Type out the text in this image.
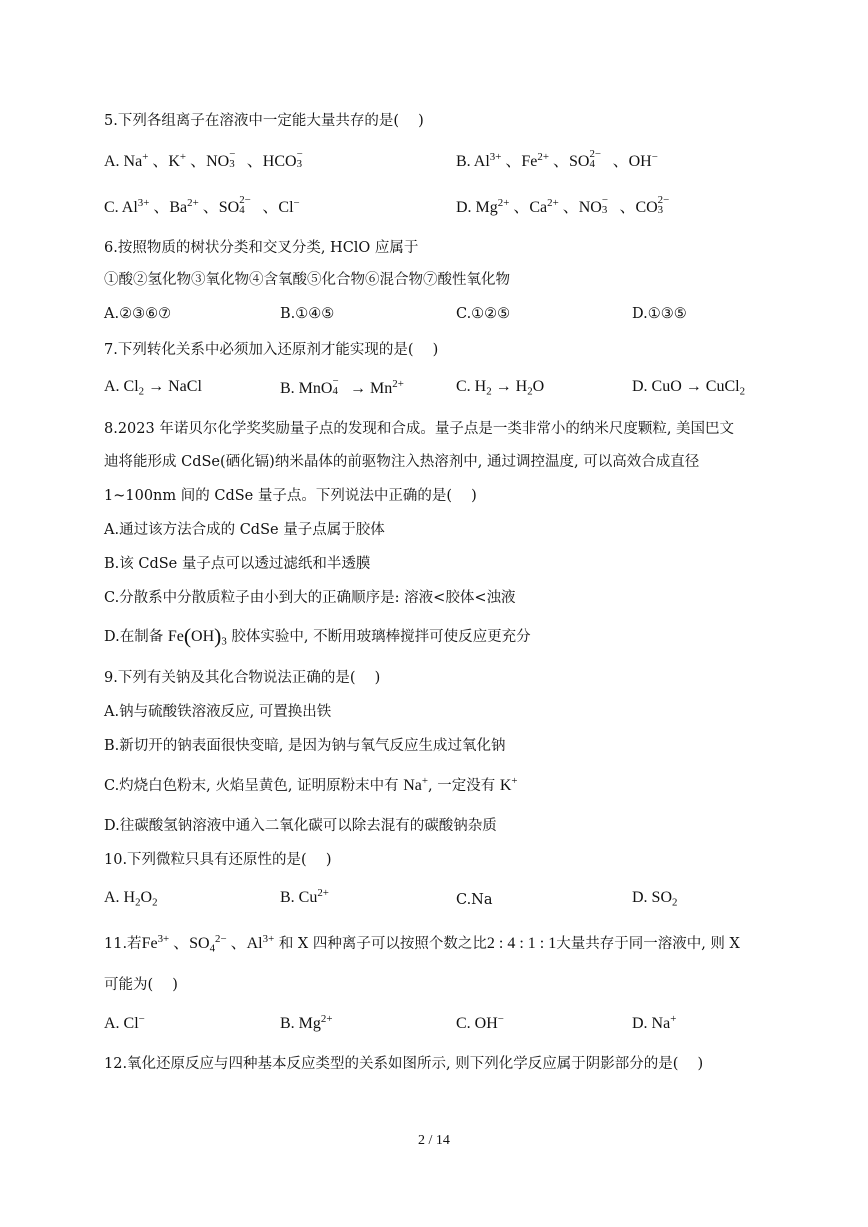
5.下列各组离子在溶液中一定能大量共存的是(　 )
A. Na+ 、K+ 、NO −
3 、HCO −
3	B. $Al^{3+}$ 、$Fe^{2+}$ 、SO 2−
4 、OH−
C. $Al^{3+}$ 、$Ba^{2+}$ 、SO 2−
4 、Cl−	D. $Mg^{2+}$ 、$Ca^{2+}$ 、NO −
3 、CO 2−
3
6.按照物质的树状分类和交叉分类, HClO 应属于
①酸②氢化物③氧化物④含氧酸⑤化合物⑥混合物⑦酸性氧化物
A.②③⑥⑦	B.①④⑤	C.①②⑤	D.①③⑤
7.下列转化关系中必须加入还原剂才能实现的是(　 )
A. $Cl_2$ → NaCl	B. MnO −
$4 \to Mn^{2+}$	C. $H_2 \to H_2O$	D. CuO → CuCl$_2$
8.2023 年诺贝尔化学奖奖励量子点的发现和合成。量子点是一类非常小的纳米尺度颗粒, 美国巴文
迪将能形成 CdSe(硒化镉)纳米晶体的前驱物注入热溶剂中, 通过调控温度, 可以高效合成直径
1~100nm 间的 CdSe 量子点。下列说法中正确的是(　 )
A.通过该方法合成的 CdSe 量子点属于胶体
B.该 CdSe 量子点可以透过滤纸和半透膜
C.分散系中分散质粒子由小到大的正确顺序是: 溶液<胶体<浊液
D.在制备 $Fe(OH)_3$ 胶体实验中, 不断用玻璃棒搅拌可使反应更充分
9.下列有关钠及其化合物说法正确的是(　 )
A.钠与硫酸铁溶液反应, 可置换出铁
B.新切开的钠表面很快变暗, 是因为钠与氧气反应生成过氧化钠
C.灼烧白色粉末, 火焰呈黄色, 证明原粉末中有 Na+, 一定没有 K+
D.往碳酸氢钠溶液中通入二氧化碳可以除去混有的碳酸钠杂质
10.下列微粒只具有还原性的是(　 )
A. $H_2O_2$	B. $Cu^{2+}$	C.Na	D. $SO_2$
11.若$Fe^{3+}$ 、$SO_4^{2-}$ 、$Al^{3+}$ 和 X 四种离子可以按照个数之比2 : 4 : 1 : 1大量共存于同一溶液中, 则 X
可能为(　 )
A. Cl−	B. $Mg^{2+}$	C. OH−	D. Na+
12.氧化还原反应与四种基本反应类型的关系如图所示, 则下列化学反应属于阴影部分的是(　 )
2 / 14
